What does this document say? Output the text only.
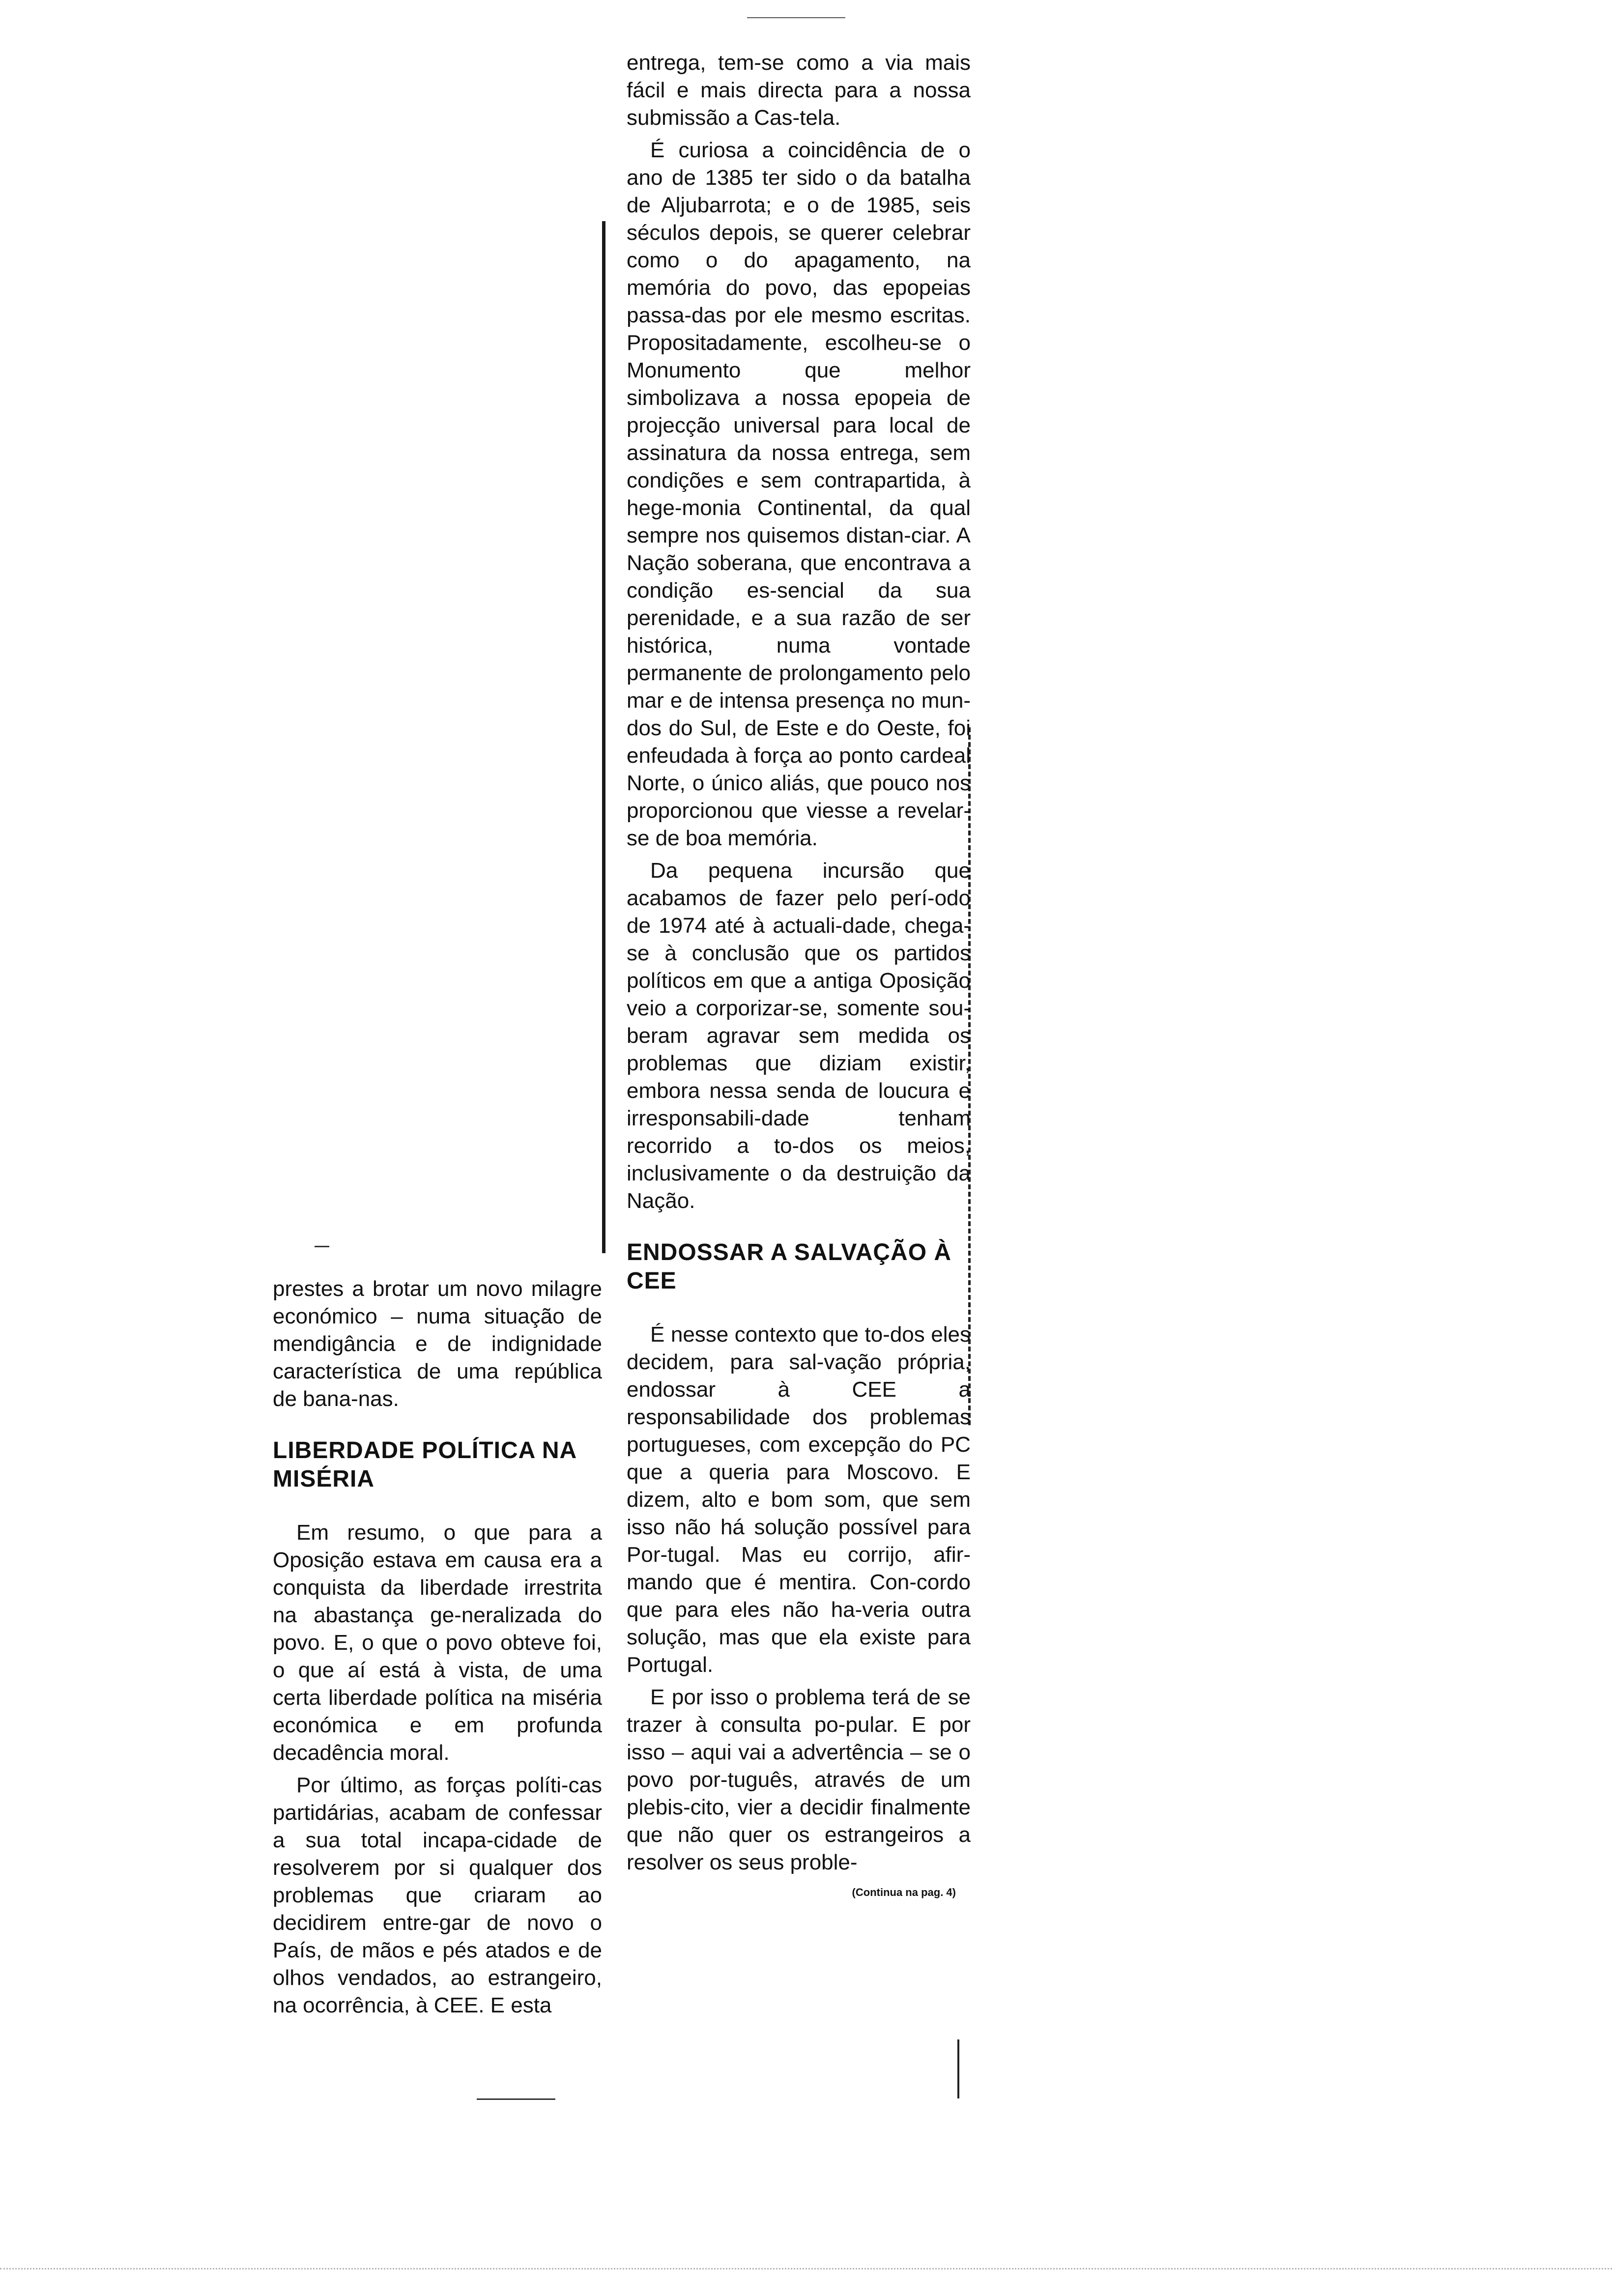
entrega, tem-se como a via mais fácil e mais directa para a nossa submissão a Cas-tela.

É curiosa a coincidência de o ano de 1385 ter sido o da batalha de Aljubarrota; e o de 1985, seis séculos depois, se querer celebrar como o do apagamento, na memória do povo, das epopeias passa-das por ele mesmo escritas. Propositadamente, escolheu-se o Monumento que melhor simbolizava a nossa epopeia de projecção universal para local de assinatura da nossa entrega, sem condições e sem contrapartida, à hege-monia Continental, da qual sempre nos quisemos distan-ciar. A Nação soberana, que encontrava a condição es-sencial da sua perenidade, e a sua razão de ser histórica, numa vontade permanente de prolongamento pelo mar e de intensa presença no mun-dos do Sul, de Este e do Oeste, foi enfeudada à força ao ponto cardeal Norte, o único aliás, que pouco nos proporcionou que viesse a revelar-se de boa memória.

Da pequena incursão que acabamos de fazer pelo perí-odo de 1974 até à actuali-dade, chega-se à conclusão que os partidos políticos em que a antiga Oposição veio a corporizar-se, somente sou-beram agravar sem medida os problemas que diziam existir, embora nessa senda de loucura e irresponsabili-dade tenham recorrido a to-dos os meios, inclusivamente o da destruição da Nação.

ENDOSSAR A SALVAÇÃO À CEE

É nesse contexto que to-dos eles decidem, para sal-vação própria, endossar à CEE a responsabilidade dos problemas portugueses, com excepção do PC que a queria para Moscovo. E dizem, alto e bom som, que sem isso não há solução possível para Por-tugal. Mas eu corrijo, afir-mando que é mentira. Con-cordo que para eles não ha-veria outra solução, mas que ela existe para Portugal.

E por isso o problema terá de se trazer à consulta po-pular. E por isso – aqui vai a advertência – se o povo por-tuguês, através de um plebis-cito, vier a decidir finalmente que não quer os estrangeiros a resolver os seus proble-

(Continua na pag. 4)

prestes a brotar um novo milagre económico – numa situação de mendigância e de indignidade característica de uma república de bana-nas.

LIBERDADE POLÍTICA NA MISÉRIA

Em resumo, o que para a Oposição estava em causa era a conquista da liberdade irrestrita na abastança ge-neralizada do povo. E, o que o povo obteve foi, o que aí está à vista, de uma certa liberdade política na miséria económica e em profunda decadência moral.

Por último, as forças políti-cas partidárias, acabam de confessar a sua total incapa-cidade de resolverem por si qualquer dos problemas que criaram ao decidirem entre-gar de novo o País, de mãos e pés atados e de olhos vendados, ao estrangeiro, na ocorrência, à CEE. E esta
